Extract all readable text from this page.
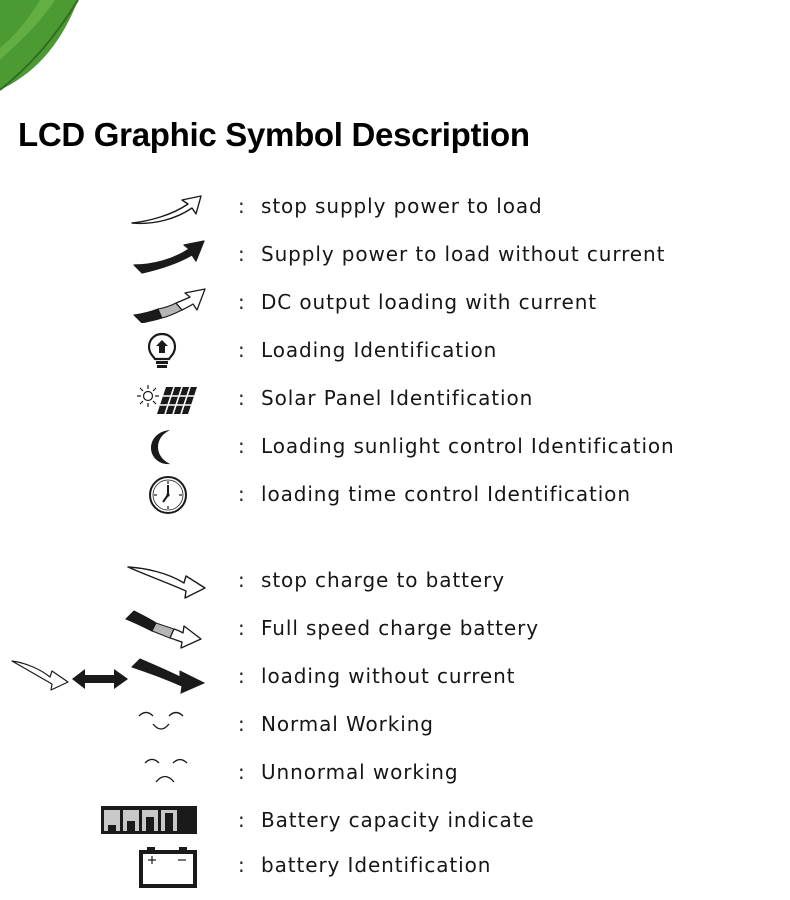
LCD Graphic Symbol Description
: stop supply power to load
: Supply power to load without current
: DC output loading with current
: Loading Identification
: Solar Panel Identification
: Loading sunlight control Identification
: loading time control Identification
: stop charge to battery
: Full speed charge battery
: loading without current
: Normal Working
: Unnormal working
: Battery capacity indicate
: battery Identification
